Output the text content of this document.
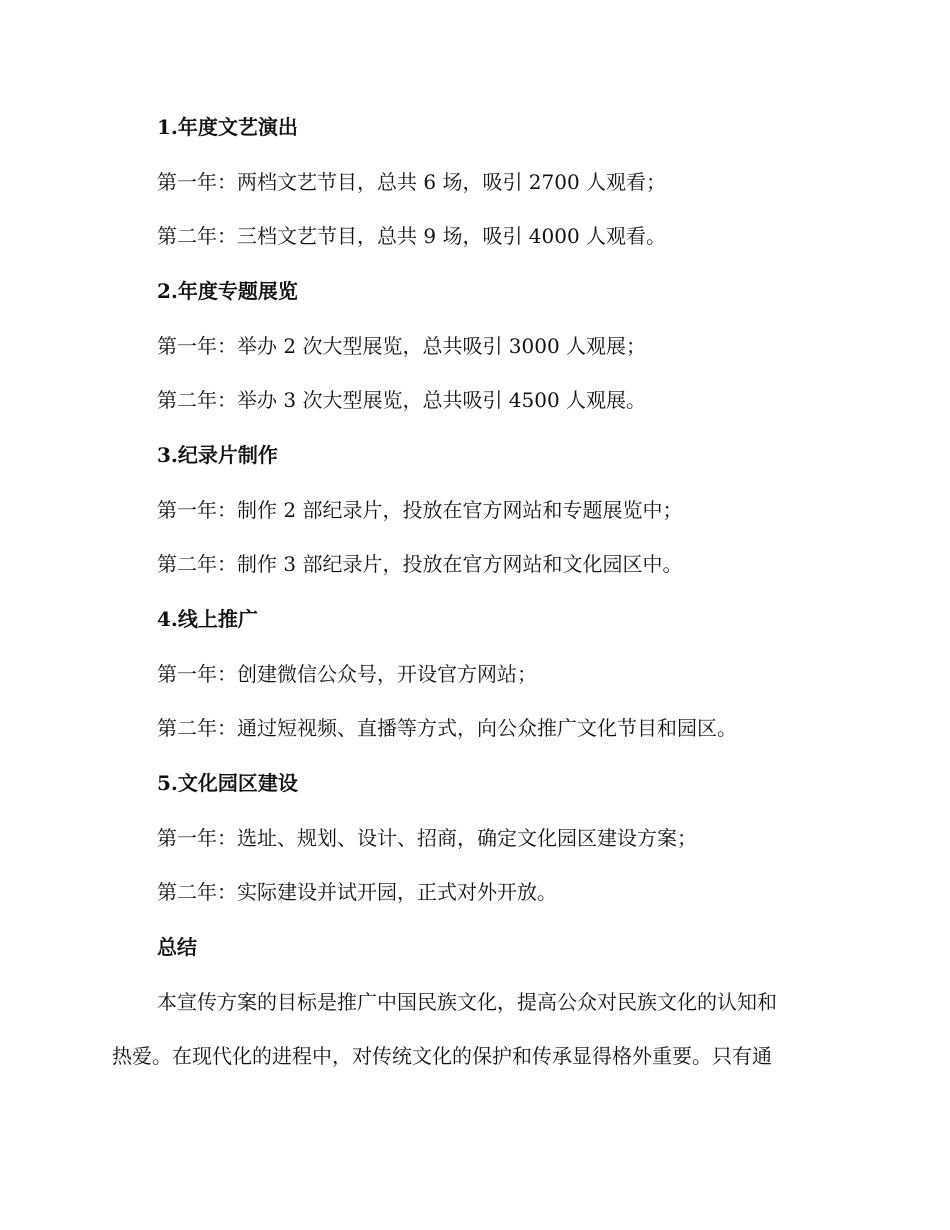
1.年度文艺演出
第一年：两档文艺节目，总共 6 场，吸引 2700 人观看；
第二年：三档文艺节目，总共 9 场，吸引 4000 人观看。
2.年度专题展览
第一年：举办 2 次大型展览，总共吸引 3000 人观展；
第二年：举办 3 次大型展览，总共吸引 4500 人观展。
3.纪录片制作
第一年：制作 2 部纪录片，投放在官方网站和专题展览中；
第二年：制作 3 部纪录片，投放在官方网站和文化园区中。
4.线上推广
第一年：创建微信公众号，开设官方网站；
第二年：通过短视频、直播等方式，向公众推广文化节目和园区。
5.文化园区建设
第一年：选址、规划、设计、招商，确定文化园区建设方案；
第二年：实际建设并试开园，正式对外开放。
总结
本宣传方案的目标是推广中国民族文化，提高公众对民族文化的认知和
热爱。在现代化的进程中，对传统文化的保护和传承显得格外重要。只有通
